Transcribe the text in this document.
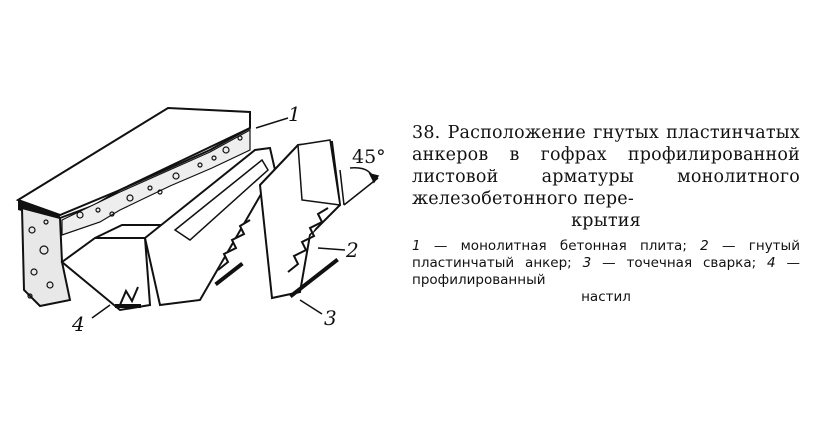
1
2
3
4
45°

38. Расположение гнутых пластинчатых анкеров в гофрах профилированной листовой арматуры монолитного железобетонного пере-
крытия

1 — монолитная бетонная плита; 2 — гнутый пластинчатый анкер; 3 — точечная сварка; 4 — профилированный
настил
